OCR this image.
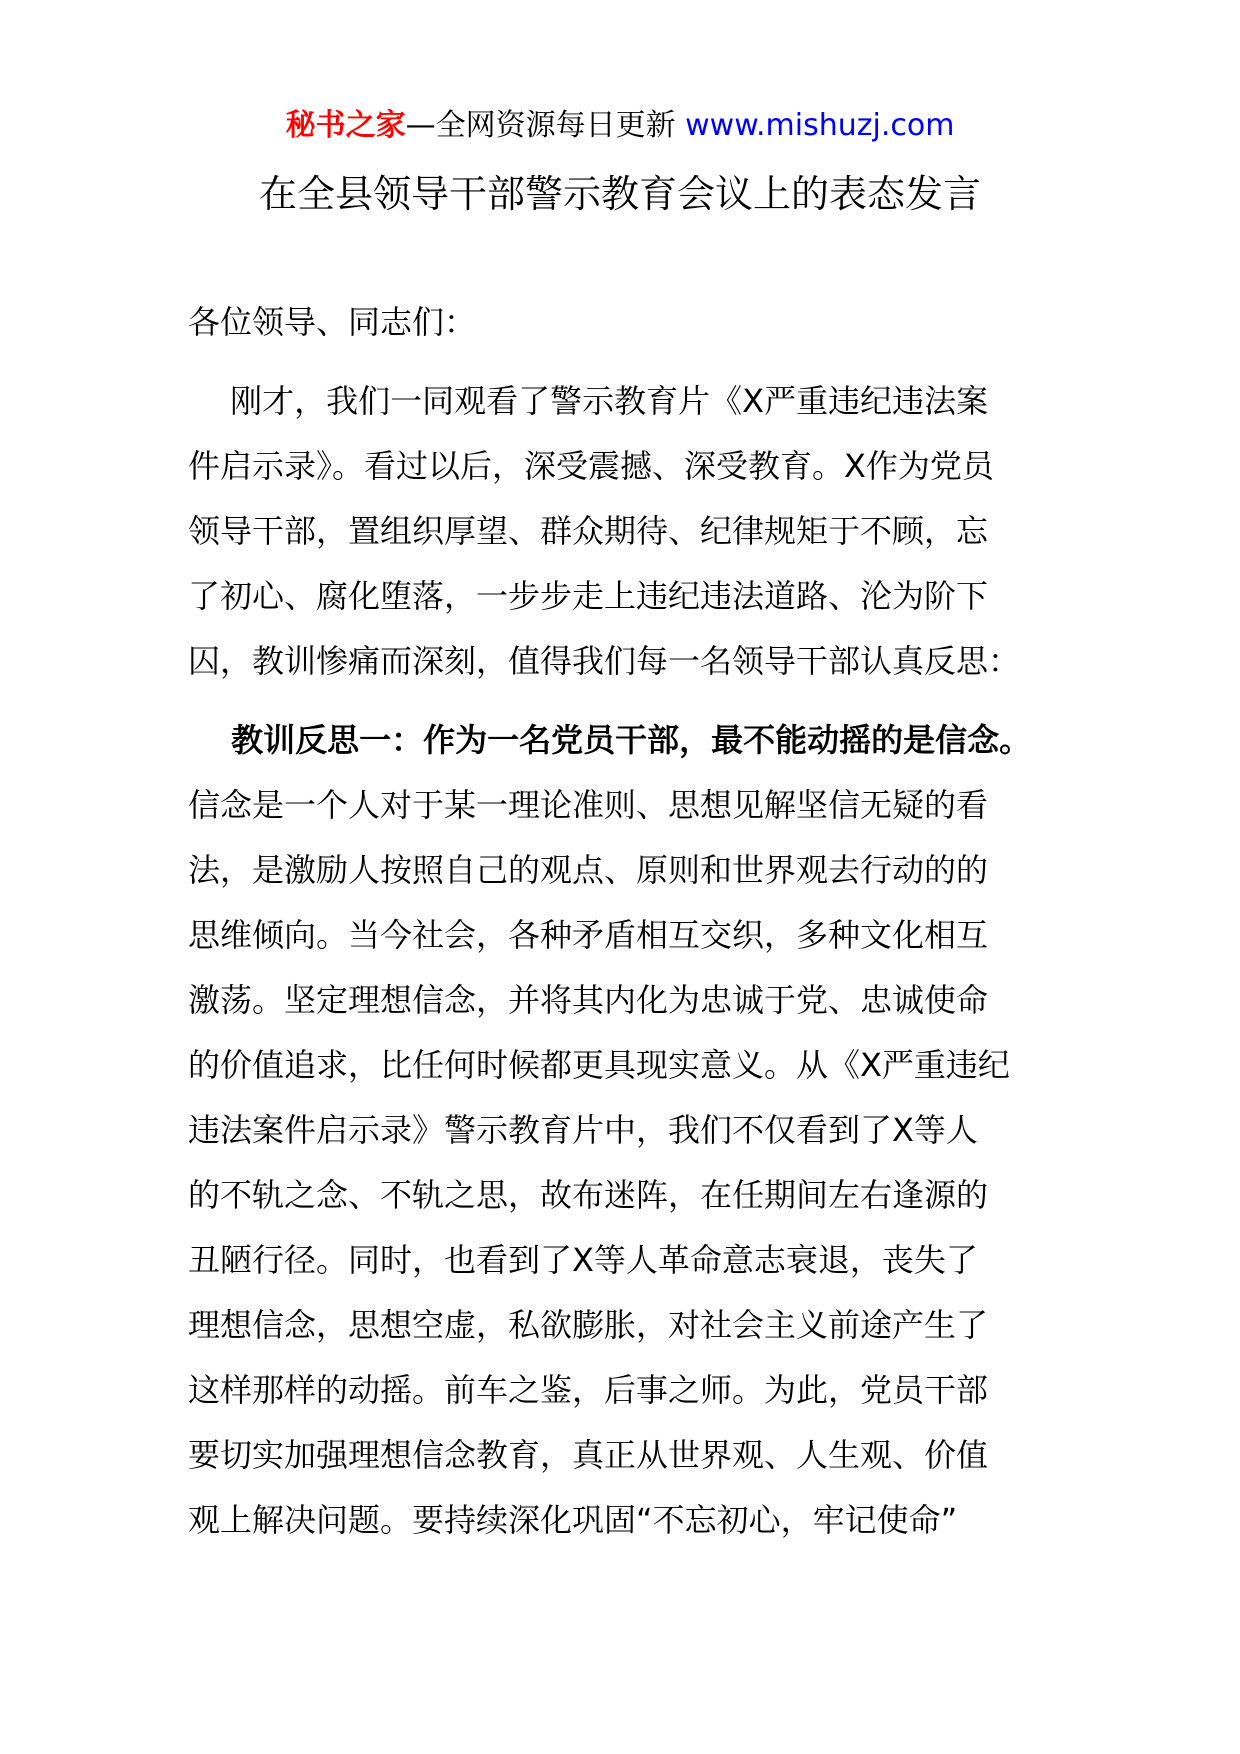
秘书之家—全网资源每日更新 www.mishuzj.com
在全县领导干部警示教育会议上的表态发言
各位领导、同志们：
　 刚才，我们一同观看了警示教育片《X严重违纪违法案
件启示录》。看过以后，深受震撼、深受教育。X作为党员
领导干部，置组织厚望、群众期待、纪律规矩于不顾，忘
了初心、腐化堕落，一步步走上违纪违法道路、沦为阶下
囚，教训惨痛而深刻，值得我们每一名领导干部认真反思：
　 教训反思一：作为一名党员干部，最不能动摇的是信念。
信念是一个人对于某一理论准则、思想见解坚信无疑的看
法，是激励人按照自己的观点、原则和世界观去行动的的
思维倾向。当今社会，各种矛盾相互交织，多种文化相互
激荡。坚定理想信念，并将其内化为忠诚于党、忠诚使命
的价值追求，比任何时候都更具现实意义。从《X严重违纪
违法案件启示录》警示教育片中，我们不仅看到了X等人
的不轨之念、不轨之思，故布迷阵，在任期间左右逢源的
丑陋行径。同时，也看到了X等人革命意志衰退，丧失了
理想信念，思想空虚，私欲膨胀，对社会主义前途产生了
这样那样的动摇。前车之鉴，后事之师。为此，党员干部
要切实加强理想信念教育，真正从世界观、人生观、价值
观上解决问题。要持续深化巩固“不忘初心，牢记使命”
